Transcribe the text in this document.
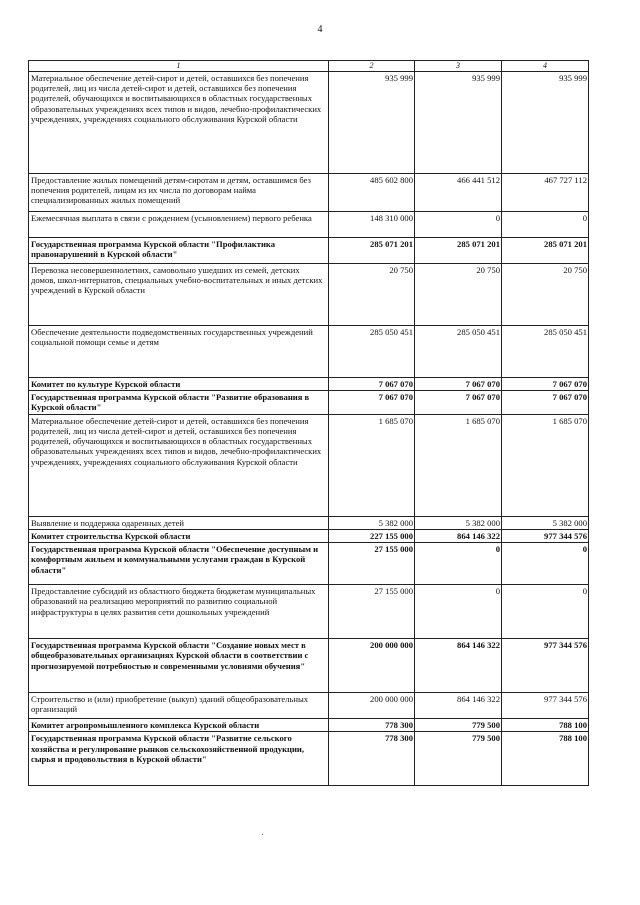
4
1	2	3	4
Материальное обеспечение детей-сирот и детей, оставшихся без попечения родителей, лиц из числа детей-сирот и детей, оставшихся без попечения родителей, обучающихся и воспитывающихся в областных государственных образовательных учреждениях всех типов и видов, лечебно-профилактических учреждениях, учреждениях социального обслуживания Курской области	935 999	935 999	935 999
Предоставление жилых помещений детям-сиротам и детям, оставшимся без попечения родителей, лицам из их числа по договорам найма специализированных жилых помещений	485 602 800	466 441 512	467 727 112
Ежемесячная выплата в связи с рождением (усыновлением) первого ребенка	148 310 000	0	0
Государственная программа Курской области "Профилактика правонарушений в Курской области"	285 071 201	285 071 201	285 071 201
Перевозка несовершеннолетних, самовольно ушедших из семей, детских домов, школ-интернатов, специальных учебно-воспитательных и иных детских учреждений в Курской области	20 750	20 750	20 750
Обеспечение деятельности подведомственных государственных учреждений социальной помощи семье и детям	285 050 451	285 050 451	285 050 451
Комитет по культуре Курской области	7 067 070	7 067 070	7 067 070
Государственная программа Курской области "Развитие образования в Курской области"	7 067 070	7 067 070	7 067 070
Материальное обеспечение детей-сирот и детей, оставшихся без попечения родителей, лиц из числа детей-сирот и детей, оставшихся без попечения родителей, обучающихся и воспитывающихся в областных государственных образовательных учреждениях всех типов и видов, лечебно-профилактических учреждениях, учреждениях социального обслуживания Курской области	1 685 070	1 685 070	1 685 070
Выявление и поддержка одаренных детей	5 382 000	5 382 000	5 382 000
Комитет строительства Курской области	227 155 000	864 146 322	977 344 576
Государственная программа Курской области "Обеспечение доступным и комфортным жильем и коммунальными услугами граждан в Курской области"	27 155 000	0	0
Предоставление субсидий из областного бюджета бюджетам муниципальных образований на реализацию мероприятий по развитию социальной инфраструктуры в целях развития сети дошкольных учреждений	27 155 000	0	0
Государственная программа Курской области "Создание новых мест в общеобразовательных организациях Курской области в соответствии с прогнозируемой потребностью и современными условиями обучения"	200 000 000	864 146 322	977 344 576
Строительство и (или) приобретение (выкуп) зданий общеобразовательных организаций	200 000 000	864 146 322	977 344 576
Комитет агропромышленного комплекса Курской области	778 300	779 500	788 100
Государственная программа Курской области "Развитие сельского хозяйства и регулирование рынков сельскохозяйственной продукции, сырья и продовольствия в Курской области"	778 300	779 500	788 100
